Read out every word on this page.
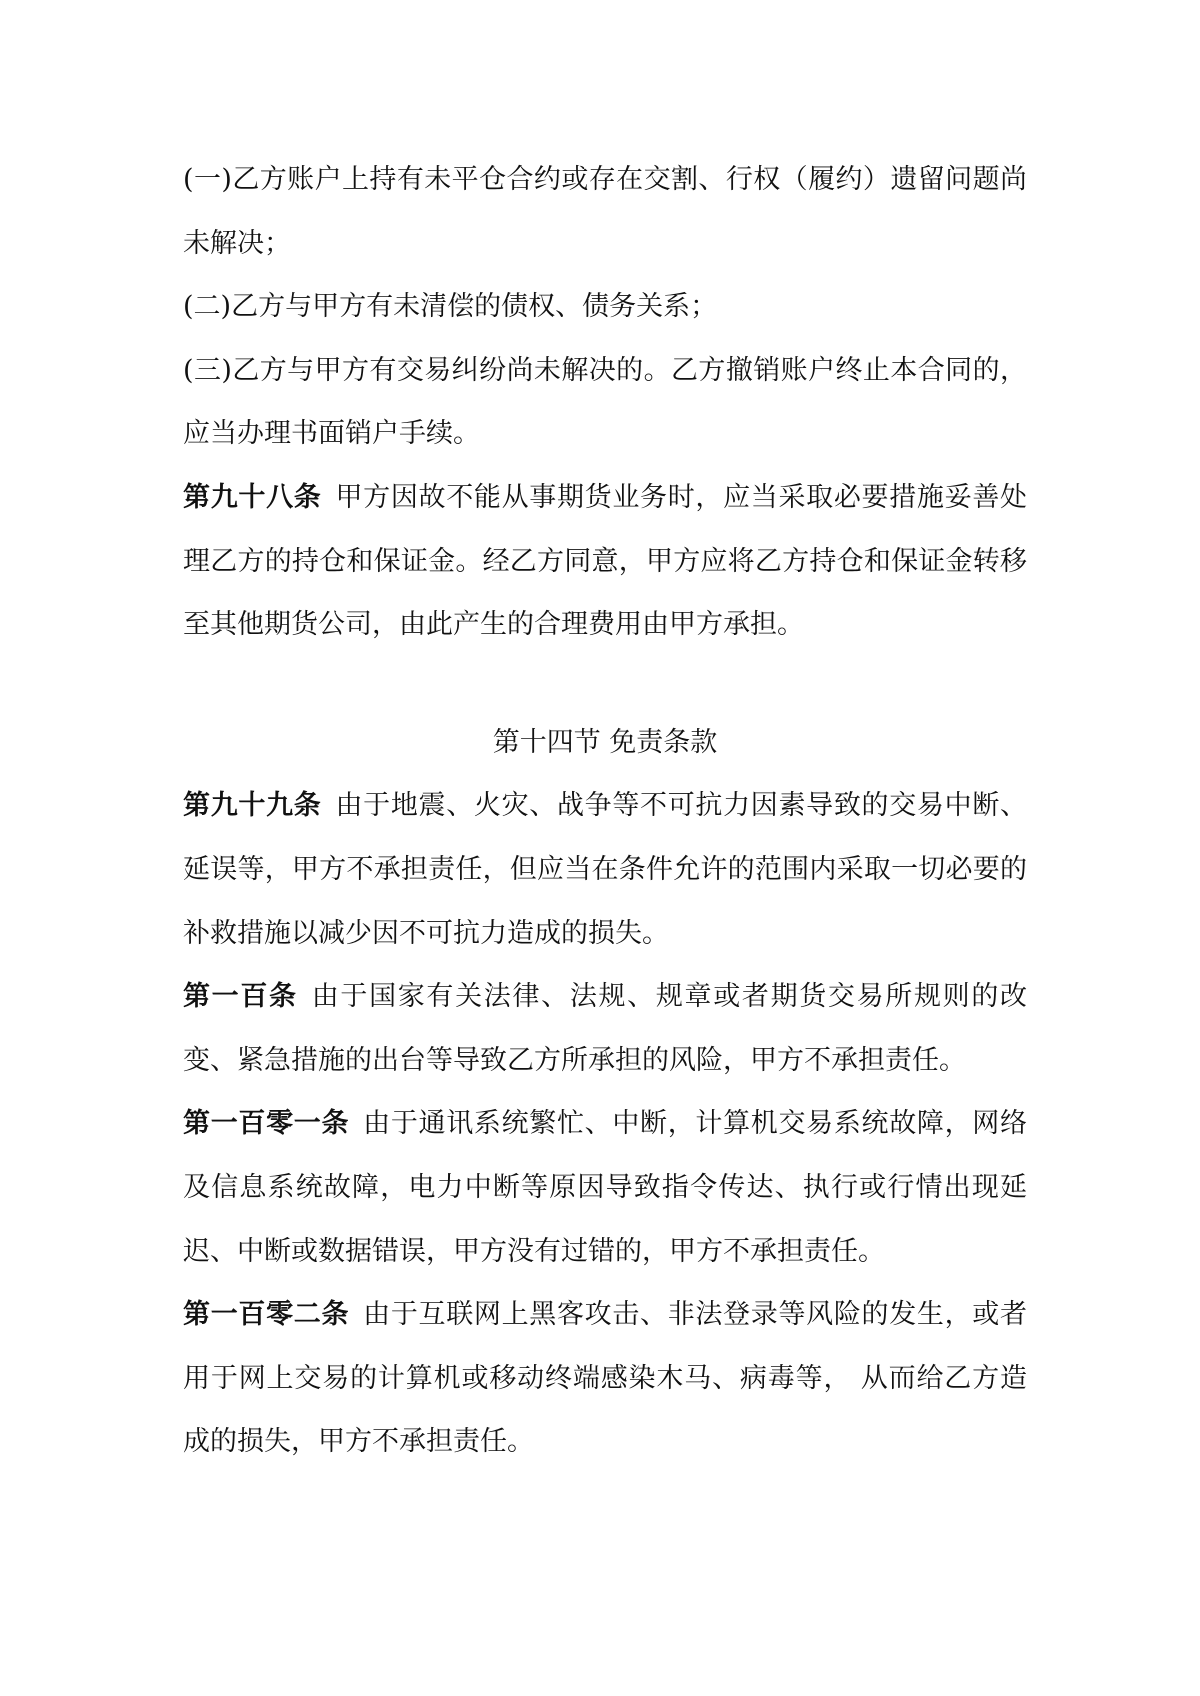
(一)乙方账户上持有未平仓合约或存在交割、行权（履约）遗留问题尚未解决；

(二)乙方与甲方有未清偿的债权、债务关系；

(三)乙方与甲方有交易纠纷尚未解决的。乙方撤销账户终止本合同的，应当办理书面销户手续。

第九十八条 甲方因故不能从事期货业务时，应当采取必要措施妥善处理乙方的持仓和保证金。经乙方同意，甲方应将乙方持仓和保证金转移至其他期货公司，由此产生的合理费用由甲方承担。

第十四节 免责条款

第九十九条 由于地震、火灾、战争等不可抗力因素导致的交易中断、延误等，甲方不承担责任，但应当在条件允许的范围内采取一切必要的补救措施以减少因不可抗力造成的损失。

第一百条 由于国家有关法律、法规、规章或者期货交易所规则的改变、紧急措施的出台等导致乙方所承担的风险，甲方不承担责任。

第一百零一条 由于通讯系统繁忙、中断，计算机交易系统故障，网络及信息系统故障，电力中断等原因导致指令传达、执行或行情出现延迟、中断或数据错误，甲方没有过错的，甲方不承担责任。

第一百零二条 由于互联网上黑客攻击、非法登录等风险的发生，或者用于网上交易的计算机或移动终端感染木马、病毒等， 从而给乙方造成的损失，甲方不承担责任。
